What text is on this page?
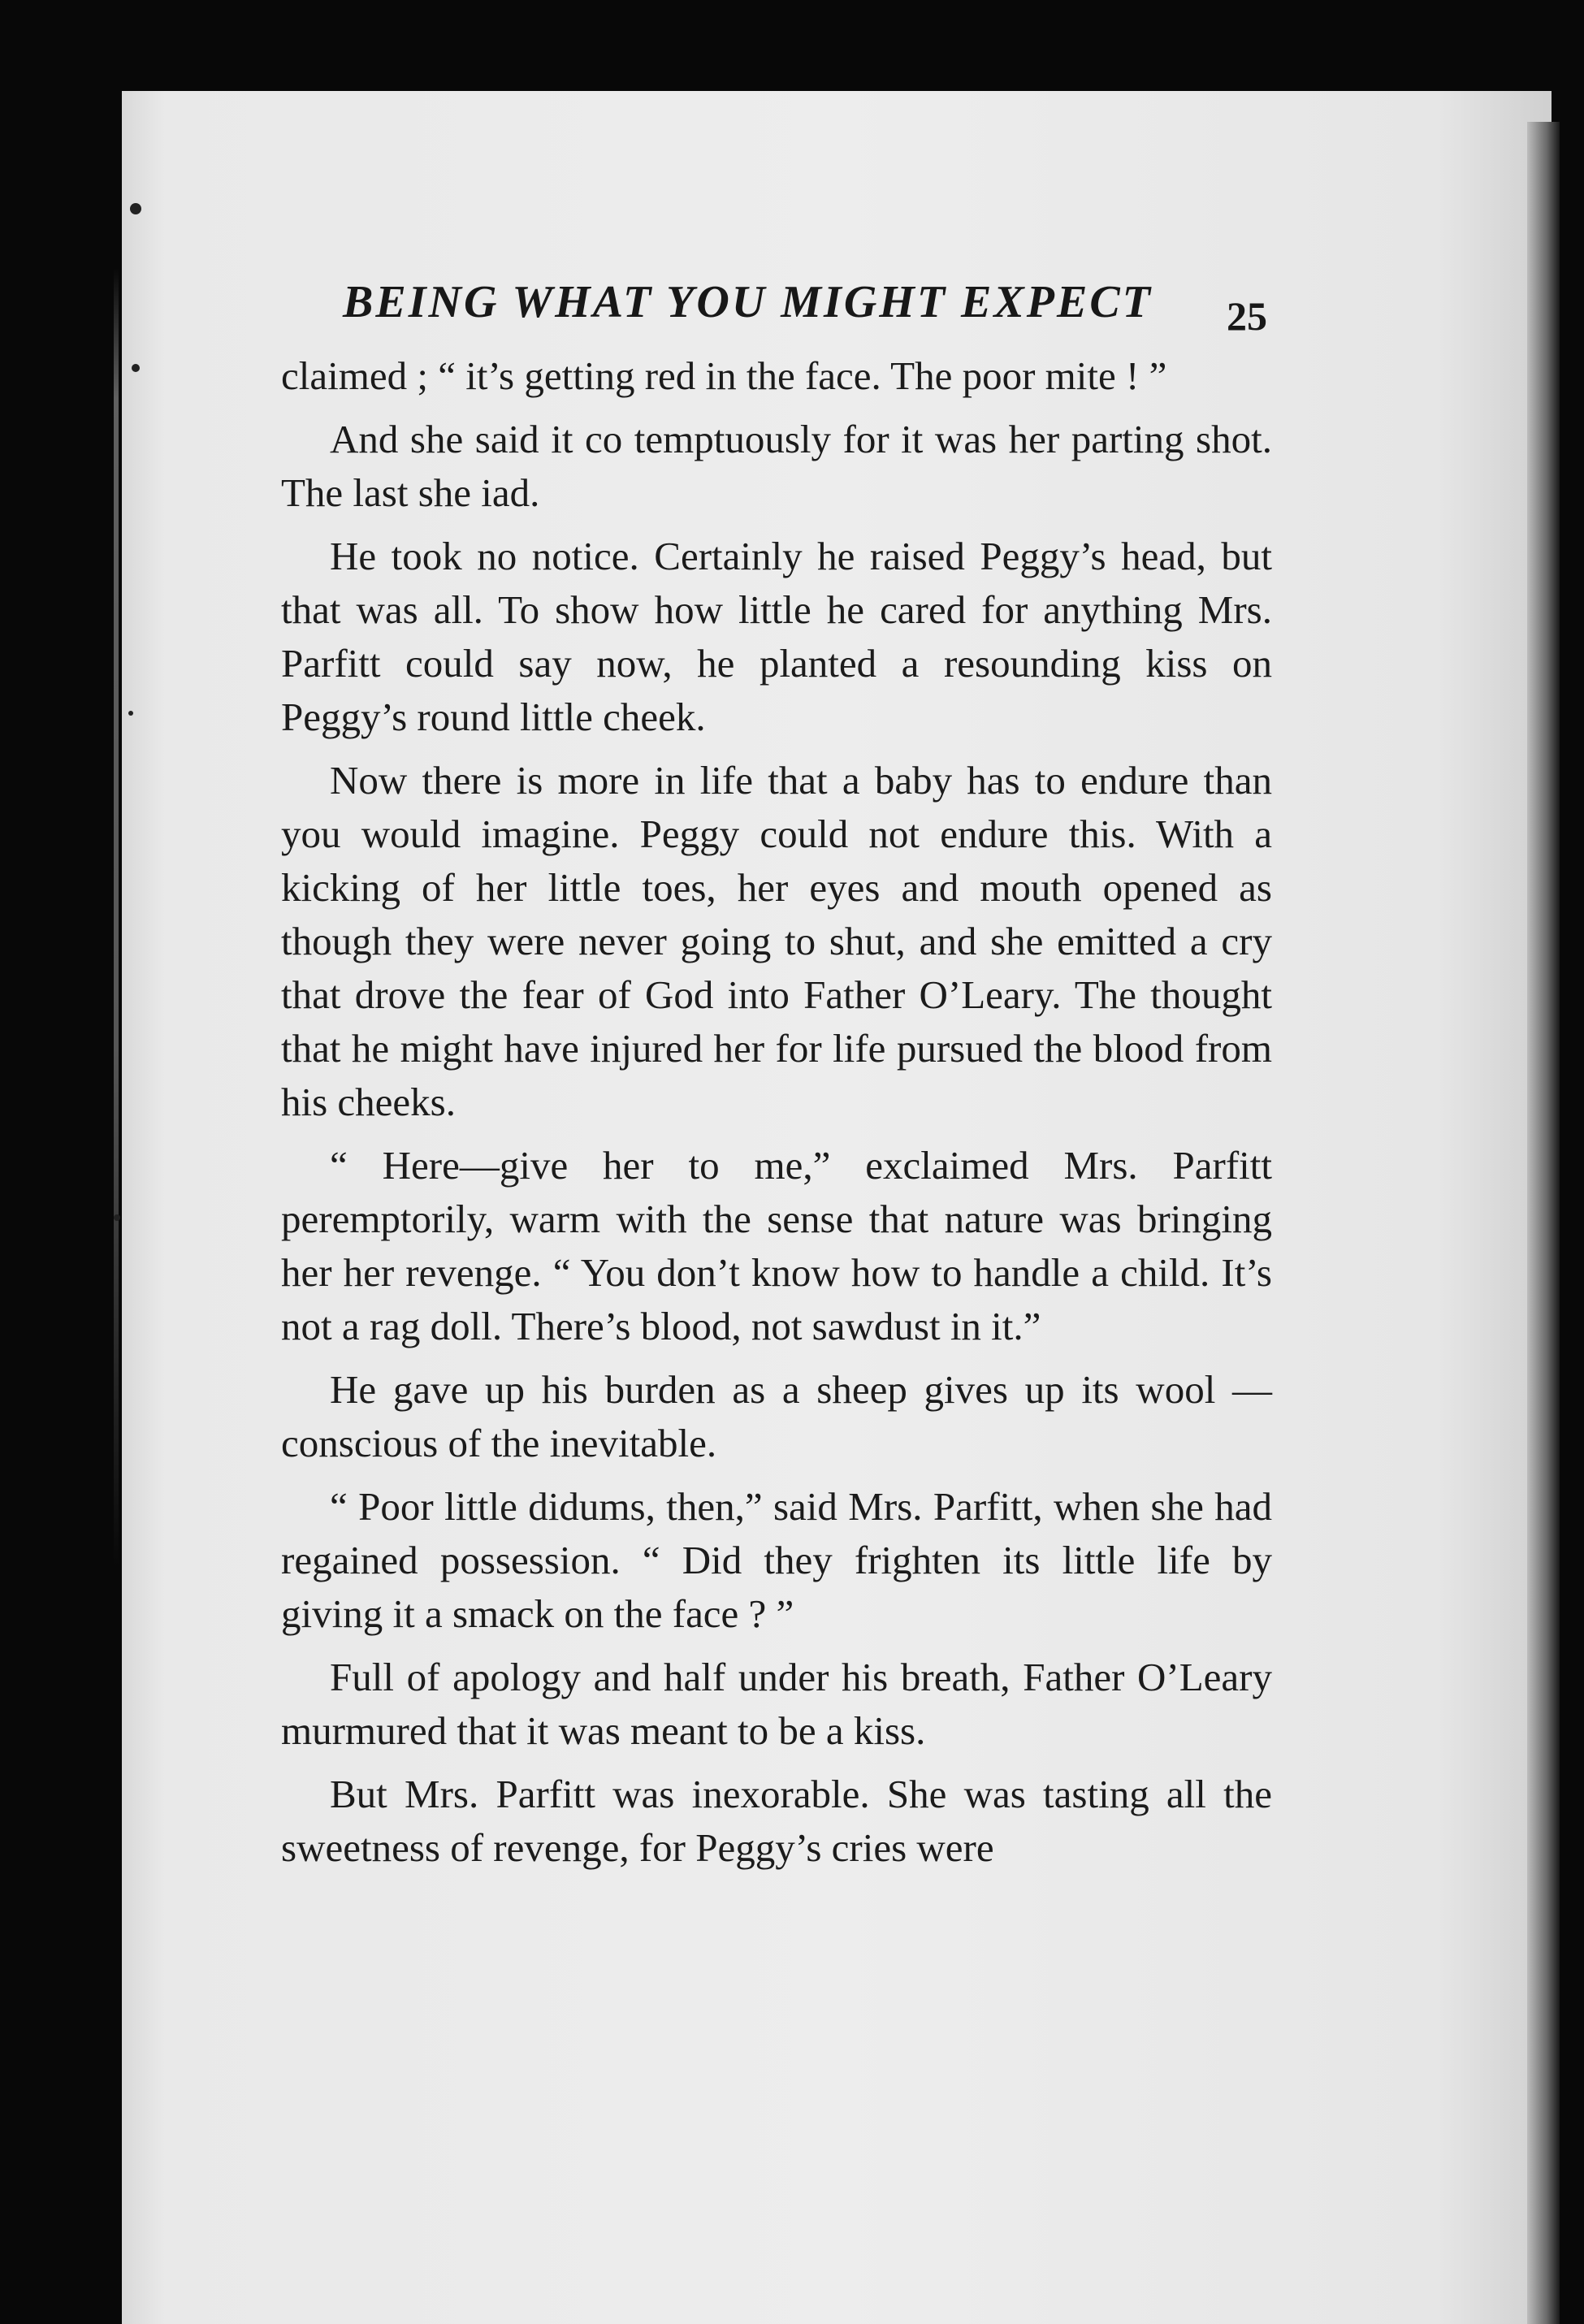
BEING WHAT YOU MIGHT EXPECT	25

claimed ; “ it’s getting red in the face. The poor mite ! ”

And she said it co temptuously for it was her parting shot. The last she iad.

He took no notice. Certainly he raised Peggy’s head, but that was all. To show how little he cared for anything Mrs. Parfitt could say now, he planted a resounding kiss on Peggy’s round little cheek.

Now there is more in life that a baby has to endure than you would imagine. Peggy could not endure this. With a kicking of her little toes, her eyes and mouth opened as though they were never going to shut, and she emitted a cry that drove the fear of God into Father O’Leary. The thought that he might have injured her for life pursued the blood from his cheeks.

“ Here—give her to me,” exclaimed Mrs. Parfitt peremptorily, warm with the sense that nature was bringing her her revenge. “ You don’t know how to handle a child. It’s not a rag doll. There’s blood, not sawdust in it.”

He gave up his burden as a sheep gives up its wool —conscious of the inevitable.

“ Poor little didums, then,” said Mrs. Parfitt, when she had regained possession. “ Did they frighten its little life by giving it a smack on the face ? ”

Full of apology and half under his breath, Father O’Leary murmured that it was meant to be a kiss.

But Mrs. Parfitt was inexorable. She was tasting all the sweetness of revenge, for Peggy’s cries were
